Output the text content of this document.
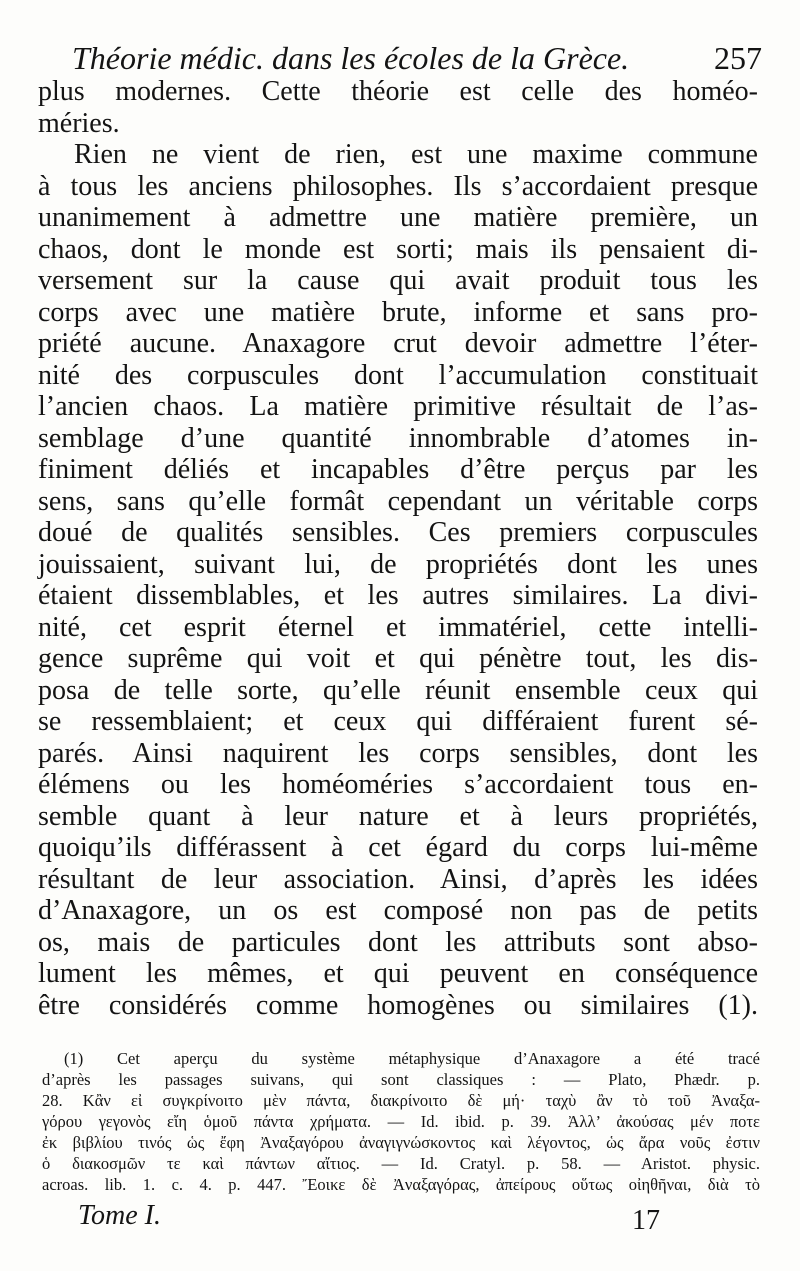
Théorie médic. dans les écoles de la Grèce.	257
plus modernes. Cette théorie est celle des homéo-
méries.
Rien ne vient de rien, est une maxime commune
à tous les anciens philosophes. Ils s’accordaient presque
unanimement à admettre une matière première, un
chaos, dont le monde est sorti; mais ils pensaient di-
versement sur la cause qui avait produit tous les
corps avec une matière brute, informe et sans pro-
priété aucune. Anaxagore crut devoir admettre l’éter-
nité des corpuscules dont l’accumulation constituait
l’ancien chaos. La matière primitive résultait de l’as-
semblage d’une quantité innombrable d’atomes in-
finiment déliés et incapables d’être perçus par les
sens, sans qu’elle formât cependant un véritable corps
doué de qualités sensibles. Ces premiers corpuscules
jouissaient, suivant lui, de propriétés dont les unes
étaient dissemblables, et les autres similaires. La divi-
nité, cet esprit éternel et immatériel, cette intelli-
gence suprême qui voit et qui pénètre tout, les dis-
posa de telle sorte, qu’elle réunit ensemble ceux qui
se ressemblaient; et ceux qui différaient furent sé-
parés. Ainsi naquirent les corps sensibles, dont les
élémens ou les homéoméries s’accordaient tous en-
semble quant à leur nature et à leurs propriétés,
quoiqu’ils différassent à cet égard du corps lui-même
résultant de leur association. Ainsi, d’après les idées
d’Anaxagore, un os est composé non pas de petits
os, mais de particules dont les attributs sont abso-
lument les mêmes, et qui peuvent en conséquence
être considérés comme homogènes ou similaires (1).
(1) Cet aperçu du système métaphysique d’Anaxagore a été tracé
d’après les passages suivans, qui sont classiques : — Plato, Phædr. p.
28. Κἂν εἰ συγκρίνοιτο μὲν πάντα, διακρίνοιτο δὲ μή· ταχὺ ἂν τὸ τοῦ Ἀναξα-
γόρου γεγονὸς εἴη ὁμοῦ πάντα χρήματα. — Id. ibid. p. 39. Ἀλλ’ ἀκούσας μέν ποτε
ἐκ βιβλίου τινός ὡς ἔφη Ἀναξαγόρου ἀναγιγνώσκοντος καὶ λέγοντος, ὡς ἄρα νοῦς ἐστιν
ὁ διακοσμῶν τε καὶ πάντων αἴτιος. — Id. Cratyl. p. 58. — Aristot. physic.
acroas. lib. 1. c. 4. p. 447. Ἔοικε δὲ Ἀναξαγόρας, ἀπείρους οὕτως οἰηθῆναι, διὰ τὸ
Tome I.	17
